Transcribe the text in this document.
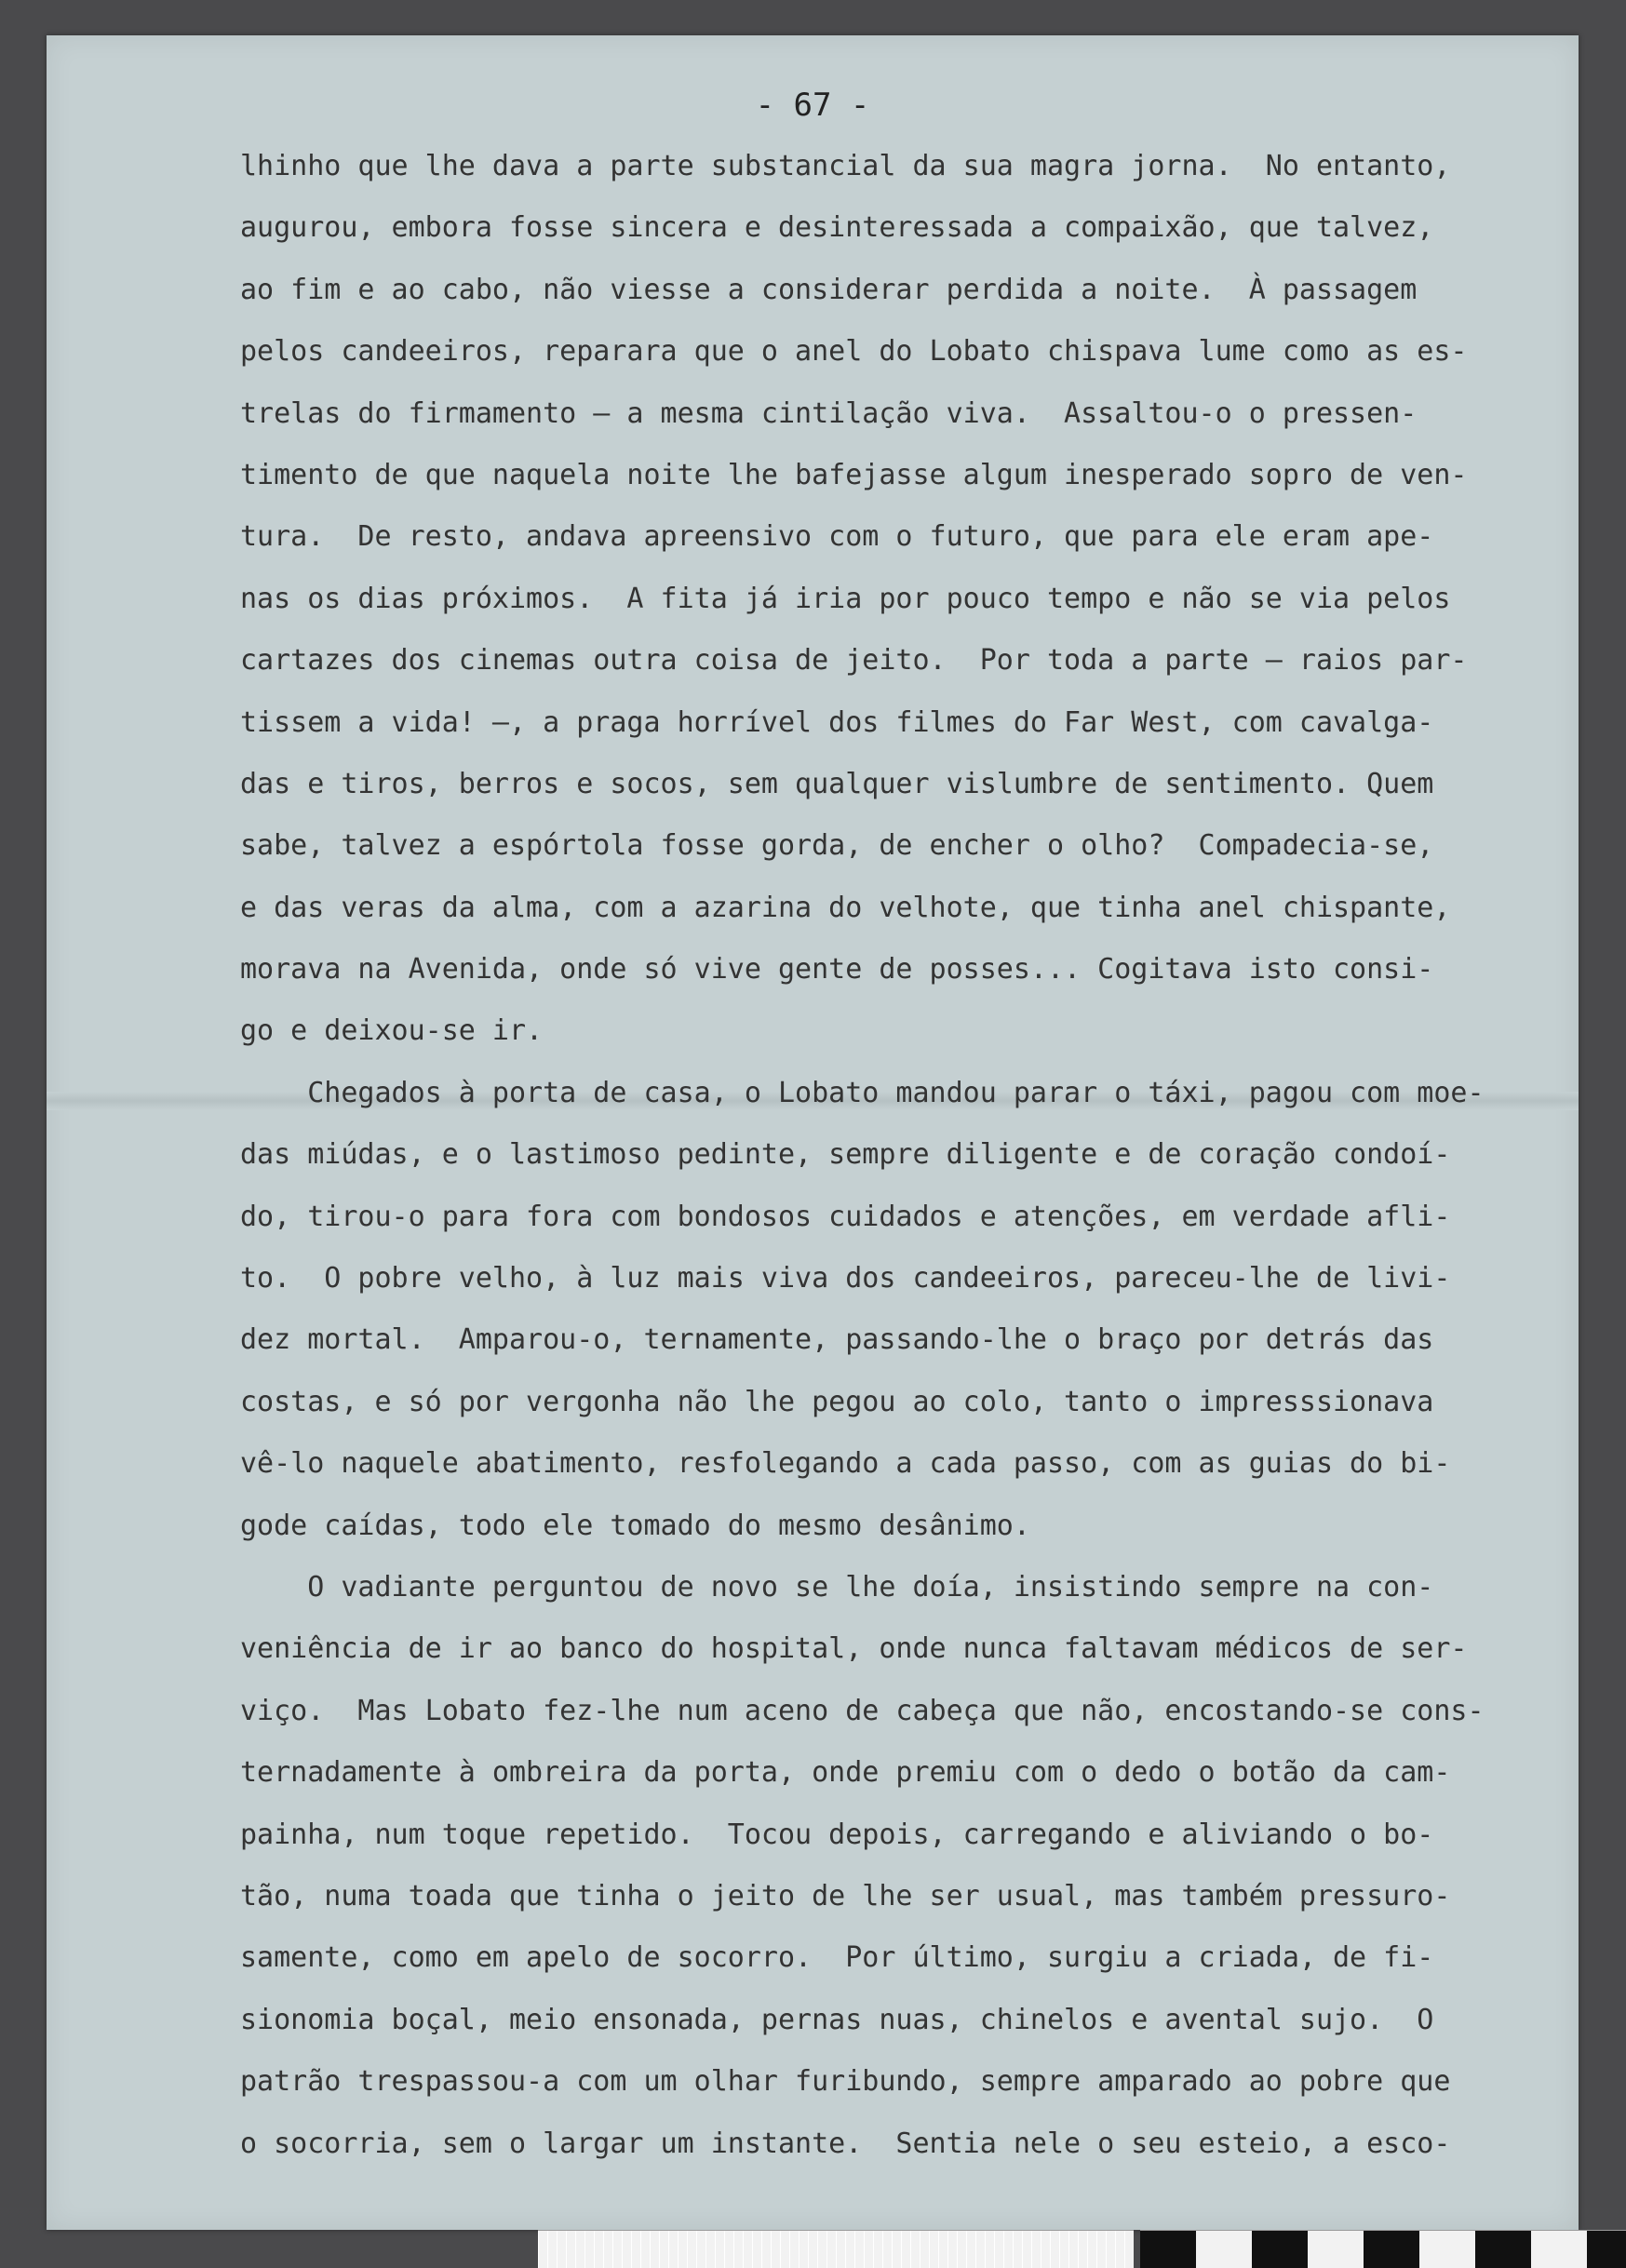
- 67 -
lhinho que lhe dava a parte substancial da sua magra jorna.  No entanto,
augurou, embora fosse sincera e desinteressada a compaixão, que talvez,
ao fim e ao cabo, não viesse a considerar perdida a noite.  À passagem
pelos candeeiros, reparara que o anel do Lobato chispava lume como as es-
trelas do firmamento — a mesma cintilação viva.  Assaltou-o o pressen-
timento de que naquela noite lhe bafejasse algum inesperado sopro de ven-
tura.  De resto, andava apreensivo com o futuro, que para ele eram ape-
nas os dias próximos.  A fita já iria por pouco tempo e não se via pelos
cartazes dos cinemas outra coisa de jeito.  Por toda a parte — raios par-
tissem a vida! —, a praga horrível dos filmes do Far West, com cavalga-
das e tiros, berros e socos, sem qualquer vislumbre de sentimento. Quem
sabe, talvez a espórtola fosse gorda, de encher o olho?  Compadecia-se,
e das veras da alma, com a azarina do velhote, que tinha anel chispante,
morava na Avenida, onde só vive gente de posses... Cogitava isto consi-
go e deixou-se ir.
Chegados à porta de casa, o Lobato mandou parar o táxi, pagou com moe-
das miúdas, e o lastimoso pedinte, sempre diligente e de coração condoí-
do, tirou-o para fora com bondosos cuidados e atenções, em verdade afli-
to.  O pobre velho, à luz mais viva dos candeeiros, pareceu-lhe de livi-
dez mortal.  Amparou-o, ternamente, passando-lhe o braço por detrás das
costas, e só por vergonha não lhe pegou ao colo, tanto o impresssionava
vê-lo naquele abatimento, resfolegando a cada passo, com as guias do bi-
gode caídas, todo ele tomado do mesmo desânimo.
O vadiante perguntou de novo se lhe doía, insistindo sempre na con-
veniência de ir ao banco do hospital, onde nunca faltavam médicos de ser-
viço.  Mas Lobato fez-lhe num aceno de cabeça que não, encostando-se cons-
ternadamente à ombreira da porta, onde premiu com o dedo o botão da cam-
painha, num toque repetido.  Tocou depois, carregando e aliviando o bo-
tão, numa toada que tinha o jeito de lhe ser usual, mas também pressuro-
samente, como em apelo de socorro.  Por último, surgiu a criada, de fi-
sionomia boçal, meio ensonada, pernas nuas, chinelos e avental sujo.  O
patrão trespassou-a com um olhar furibundo, sempre amparado ao pobre que
o socorria, sem o largar um instante.  Sentia nele o seu esteio, a esco-
